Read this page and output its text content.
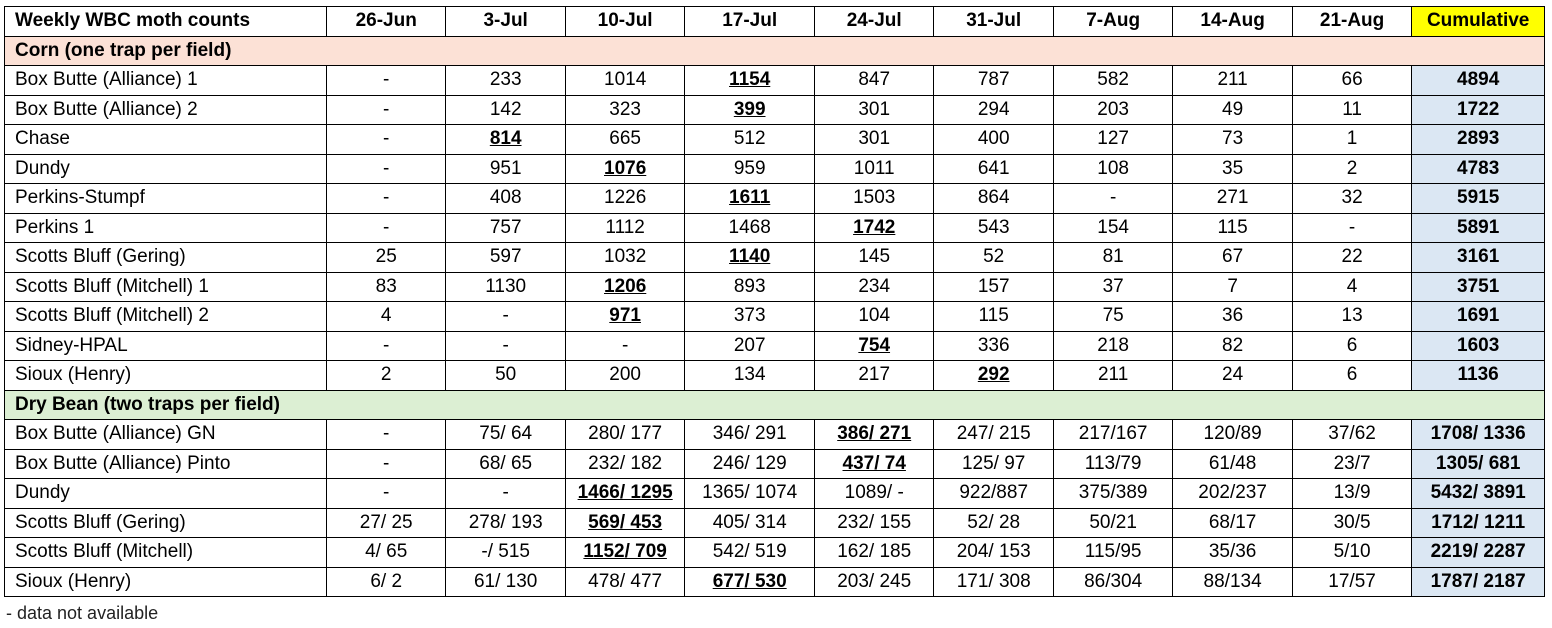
Weekly WBC moth counts	26-Jun	3-Jul	10-Jul	17-Jul	24-Jul	31-Jul	7-Aug	14-Aug	21-Aug	Cumulative
Corn (one trap per field)										
Box Butte (Alliance) 1	-	233	1014	1154	847	787	582	211	66	4894
Box Butte (Alliance) 2	-	142	323	399	301	294	203	49	11	1722
Chase	-	814	665	512	301	400	127	73	1	2893
Dundy	-	951	1076	959	1011	641	108	35	2	4783
Perkins-Stumpf	-	408	1226	1611	1503	864	-	271	32	5915
Perkins 1	-	757	1112	1468	1742	543	154	115	-	5891
Scotts Bluff (Gering)	25	597	1032	1140	145	52	81	67	22	3161
Scotts Bluff (Mitchell) 1	83	1130	1206	893	234	157	37	7	4	3751
Scotts Bluff (Mitchell) 2	4	-	971	373	104	115	75	36	13	1691
Sidney-HPAL	-	-	-	207	754	336	218	82	6	1603
Sioux (Henry)	2	50	200	134	217	292	211	24	6	1136
Dry Bean (two traps per field)										
Box Butte (Alliance) GN	-	75/ 64	280/ 177	346/ 291	386/ 271	247/ 215	217/167	120/89	37/62	1708/ 1336
Box Butte (Alliance) Pinto	-	68/ 65	232/ 182	246/ 129	437/ 74	125/ 97	113/79	61/48	23/7	1305/ 681
Dundy	-	-	1466/ 1295	1365/ 1074	1089/ -	922/887	375/389	202/237	13/9	5432/ 3891
Scotts Bluff (Gering)	27/ 25	278/ 193	569/ 453	405/ 314	232/ 155	52/ 28	50/21	68/17	30/5	1712/ 1211
Scotts Bluff (Mitchell)	4/ 65	-/ 515	1152/ 709	542/ 519	162/ 185	204/ 153	115/95	35/36	5/10	2219/ 2287
Sioux (Henry)	6/ 2	61/ 130	478/ 477	677/ 530	203/ 245	171/ 308	86/304	88/134	17/57	1787/ 2187
- data not available
